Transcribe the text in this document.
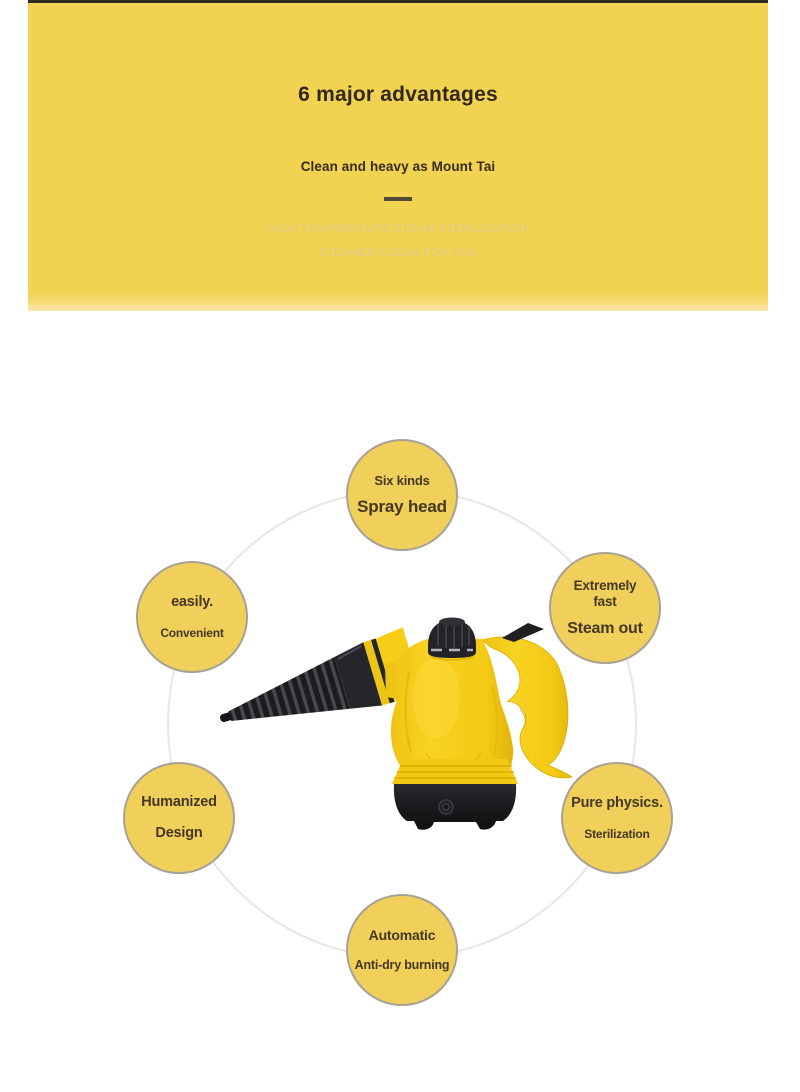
6 major advantages
Clean and heavy as Mount Tai
HIGH TEMPERATURE STEAM STERILIZATION
STEAMED CLEAN FOR YOU
Six kinds
Spray head
Extremely fast
Steam out
Pure physics.
Sterilization
Automatic
Anti-dry burning
Humanized
Design
easily.
Convenient
